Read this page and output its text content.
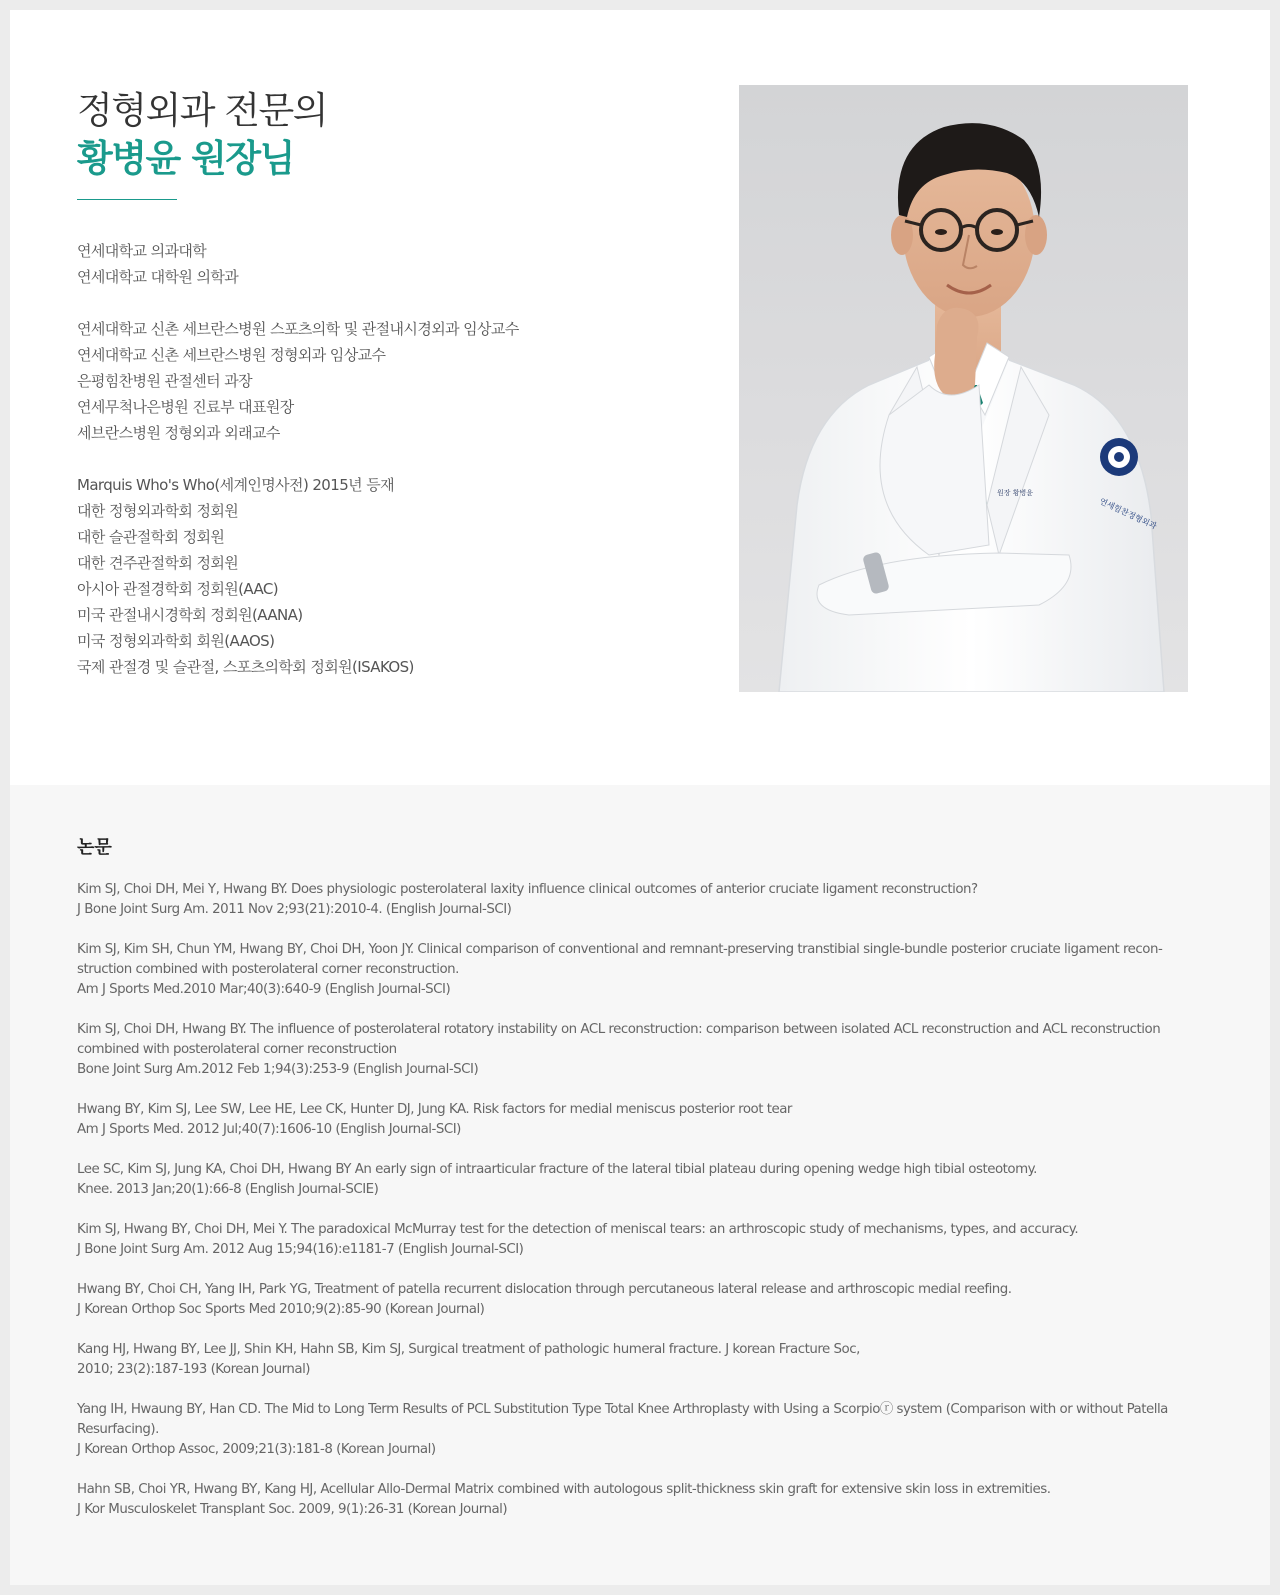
정형외과 전문의
황병윤 원장님

연세대학교 의과대학

연세대학교 대학원 의학과

연세대학교 신촌 세브란스병원 스포츠의학 및 관절내시경외과 임상교수

연세대학교 신촌 세브란스병원 정형외과 임상교수

은평힘찬병원 관절센터 과장

연세무척나은병원 진료부 대표원장

세브란스병원 정형외과 외래교수

Marquis Who's Who(세계인명사전) 2015년 등재

대한 정형외과학회 정회원

대한 슬관절학회 정회원

대한 견주관절학회 정회원

아시아 관절경학회 정회원(AAC)

미국 관절내시경학회 정회원(AANA)

미국 정형외과학회 회원(AAOS)

국제 관절경 및 슬관절, 스포츠의학회 정회원(ISAKOS)

연세힘찬정형외과
원장 황병윤
논문

Kim SJ, Choi DH, Mei Y, Hwang BY. Does physiologic posterolateral laxity influence clinical outcomes of anterior cruciate ligament reconstruction?

J Bone Joint Surg Am. 2011 Nov 2;93(21):2010-4. (English Journal-SCI)

Kim SJ, Kim SH, Chun YM, Hwang BY, Choi DH, Yoon JY. Clinical comparison of conventional and remnant-preserving transtibial single-bundle posterior cruciate ligament recon-

struction combined with posterolateral corner reconstruction.

Am J Sports Med.2010 Mar;40(3):640-9 (English Journal-SCI)

Kim SJ, Choi DH, Hwang BY. The influence of posterolateral rotatory instability on ACL reconstruction: comparison between isolated ACL reconstruction and ACL reconstruction

combined with posterolateral corner reconstruction

Bone Joint Surg Am.2012 Feb 1;94(3):253-9 (English Journal-SCI)

Hwang BY, Kim SJ, Lee SW, Lee HE, Lee CK, Hunter DJ, Jung KA. Risk factors for medial meniscus posterior root tear

Am J Sports Med. 2012 Jul;40(7):1606-10 (English Journal-SCI)

Lee SC, Kim SJ, Jung KA, Choi DH, Hwang BY An early sign of intraarticular fracture of the lateral tibial plateau during opening wedge high tibial osteotomy.

Knee. 2013 Jan;20(1):66-8 (English Journal-SCIE)

Kim SJ, Hwang BY, Choi DH, Mei Y. The paradoxical McMurray test for the detection of meniscal tears: an arthroscopic study of mechanisms, types, and accuracy.

J Bone Joint Surg Am. 2012 Aug 15;94(16):e1181-7 (English Journal-SCI)

Hwang BY, Choi CH, Yang IH, Park YG, Treatment of patella recurrent dislocation through percutaneous lateral release and arthroscopic medial reefing.

J Korean Orthop Soc Sports Med 2010;9(2):85-90 (Korean Journal)

Kang HJ, Hwang BY, Lee JJ, Shin KH, Hahn SB, Kim SJ, Surgical treatment of pathologic humeral fracture. J korean Fracture Soc,

2010; 23(2):187-193 (Korean Journal)

Yang IH, Hwaung BY, Han CD. The Mid to Long Term Results of PCL Substitution Type Total Knee Arthroplasty with Using a Scorpioⓡ system (Comparison with or without Patella

Resurfacing).

J Korean Orthop Assoc, 2009;21(3):181-8 (Korean Journal)

Hahn SB, Choi YR, Hwang BY, Kang HJ, Acellular Allo-Dermal Matrix combined with autologous split-thickness skin graft for extensive skin loss in extremities.

J Kor Musculoskelet Transplant Soc. 2009, 9(1):26-31 (Korean Journal)
